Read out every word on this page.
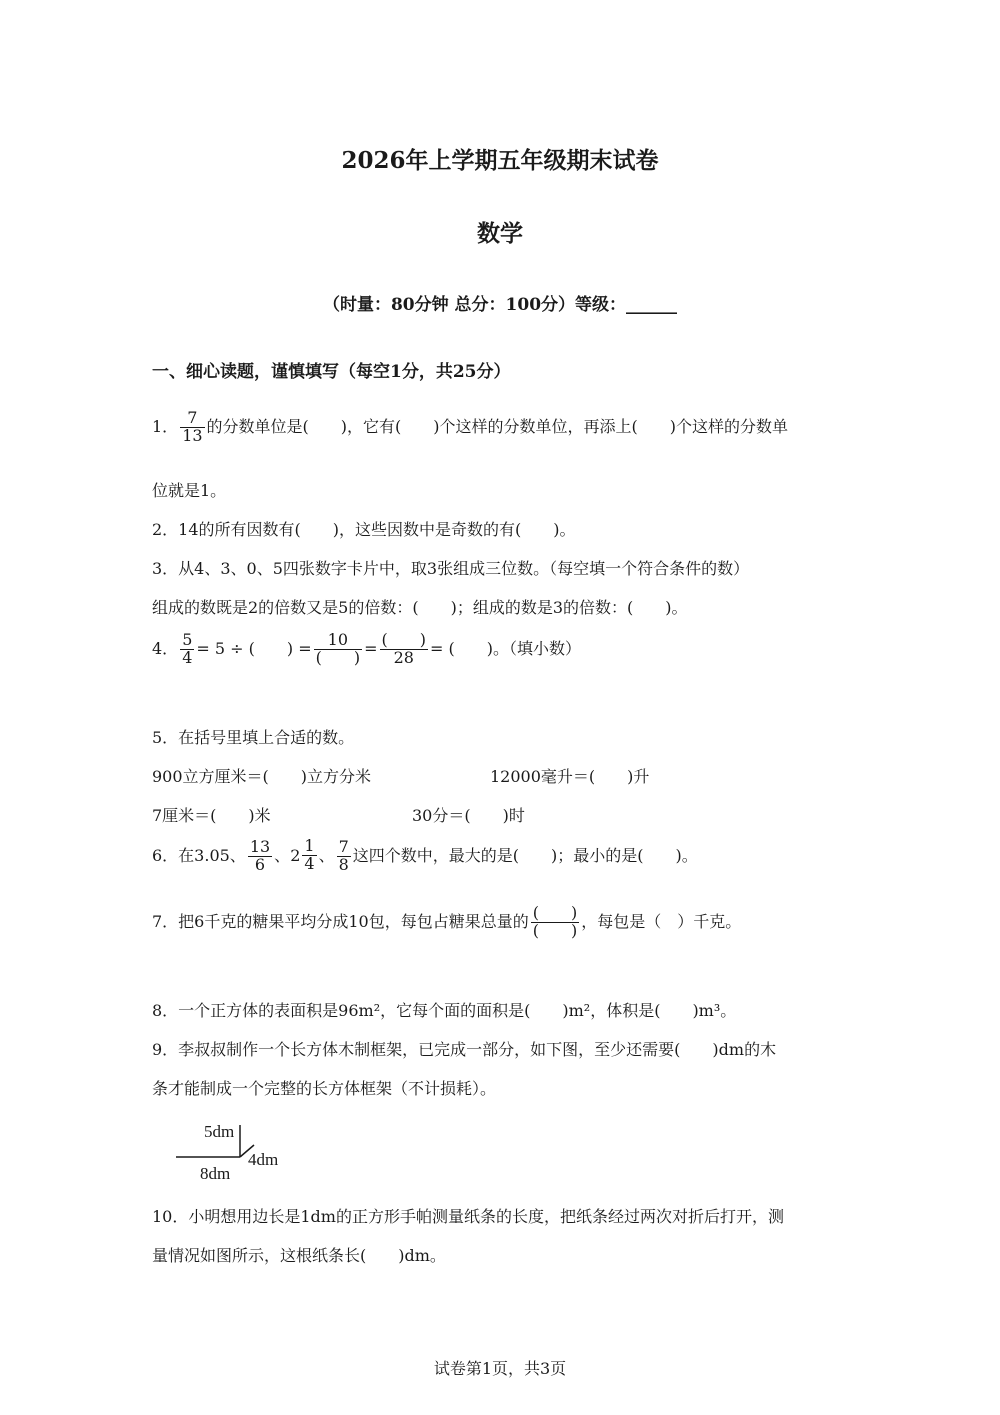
2026年上学期五年级期末试卷
数学
（时量：80分钟 总分：100分）等级：______
一、细心读题，谨慎填写（每空1分，共25分）
1． $\frac{7}{13}$ 的分数单位是(　　)，它有(　　)个这样的分数单位，再添上(　　)个这样的分数单
位就是1。
2．14的所有因数有(　　)，这些因数中是奇数的有(　　)。
3．从4、3、0、5四张数字卡片中，取3张组成三位数。（每空填一个符合条件的数）
组成的数既是2的倍数又是5的倍数：(　　)；组成的数是3的倍数：(　　)。
4． $\frac{5}{4} = 5$ ÷ (　　) = $\frac{10}{( )} = \frac{( )}{28}$ = (　　)。（填小数）
5．在括号里填上合适的数。
900立方厘米＝(　　)立方分米	12000毫升＝(　　)升
7厘米＝(　　)米	30分＝(　　)时
6．在3.05、 $\frac{13}{6}$ 、 $2 \frac{1}{4}$ 、 $\frac{7}{8}$ 这四个数中，最大的是(　　)；最小的是(　　)。
7．把6千克的糖果平均分成10包，每包占糖果总量的 $\frac{( )}{( )}$ ，每包是（　）千克。
8．一个正方体的表面积是96m²，它每个面的面积是(　　)m²，体积是(　　)m³。
9．李叔叔制作一个长方体木制框架，已完成一部分，如下图，至少还需要(　　)dm的木
条才能制成一个完整的长方体框架（不计损耗）。
5dm
4dm
8dm
10．小明想用边长是1dm的正方形手帕测量纸条的长度，把纸条经过两次对折后打开，测
量情况如图所示，这根纸条长(　　)dm。
试卷第1页，共3页
